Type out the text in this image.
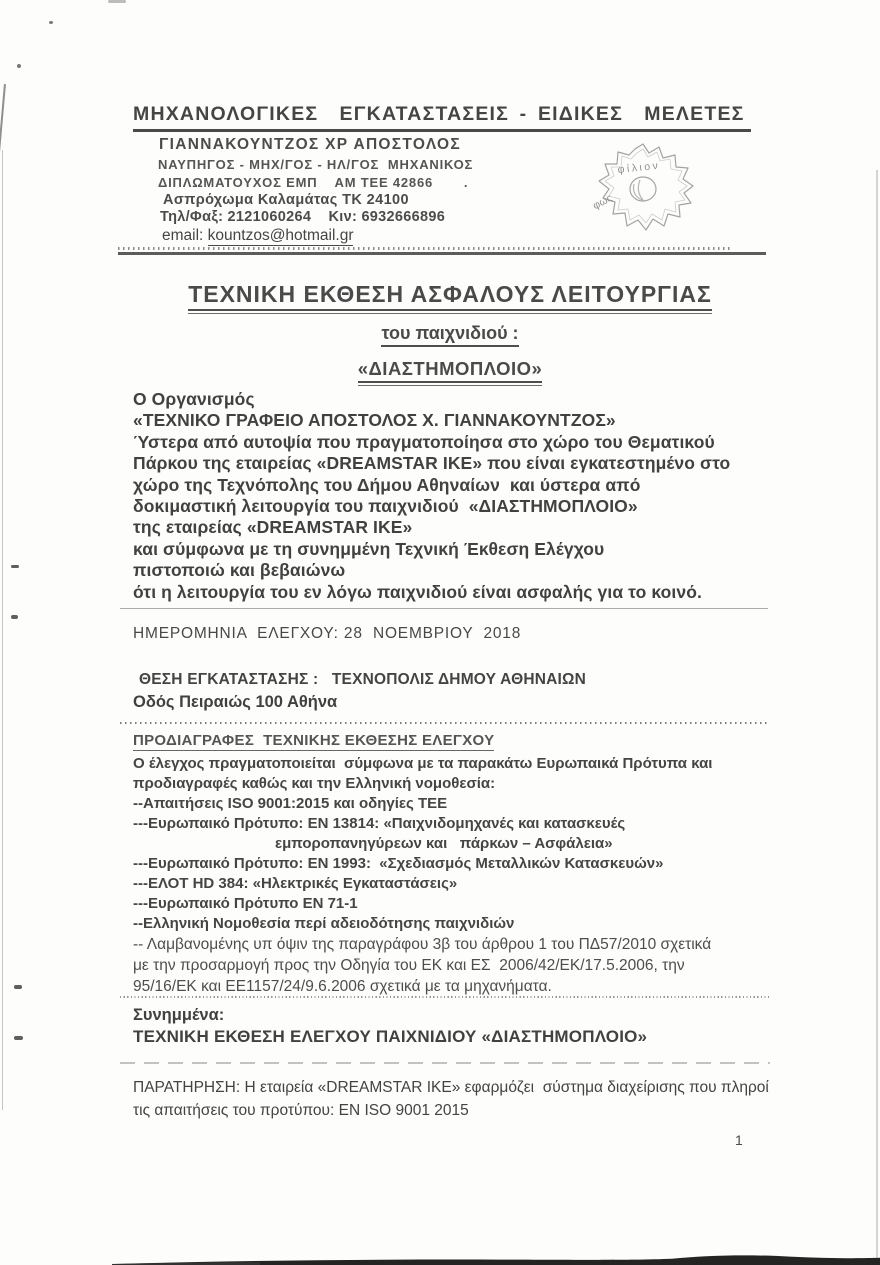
ΜΗΧΑΝΟΛΟΓΙΚΕΣ  ΕΓΚΑΤΑΣΤΑΣΕΙΣ - ΕΙΔΙΚΕΣ  ΜΕΛΕΤΕΣ
ΓΙΑΝΝΑΚΟΥΝΤΖΟΣ ΧΡ ΑΠΟΣΤΟΛΟΣ
ΝΑΥΠΗΓΟΣ - ΜΗΧ/ΓΟΣ - ΗΛ/ΓΟΣ  ΜΗΧΑΝΙΚΟΣ
ΔΙΠΛΩΜΑΤΟΥΧΟΣ ΕΜΠ    ΑΜ ΤΕΕ 42866       .
Ασπρόχωμα Καλαμάτας ΤΚ 24100
Τηλ/Φαξ: 2121060264    Κιν: 6932666896
email: kountzos@hotmail.gr
φίλιον
φως
ΤΕΧΝΙΚΗ ΕΚΘΕΣΗ ΑΣΦΑΛΟΥΣ ΛΕΙΤΟΥΡΓΙΑΣ
του παιχνιδιού :
«ΔΙΑΣΤΗΜΟΠΛΟΙΟ»
Ο Οργανισμός
«ΤΕΧΝΙΚΟ ΓΡΑΦΕΙΟ ΑΠΟΣΤΟΛΟΣ Χ. ΓΙΑΝΝΑΚΟΥΝΤΖΟΣ»
Ύστερα από αυτοψία που πραγματοποίησα στο χώρο του Θεματικού
Πάρκου της εταιρείας «DREAMSTAR ΙΚΕ» που είναι εγκατεστημένο στο
χώρο της Τεχνόπολης του Δήμου Αθηναίων  και ύστερα από
δοκιμαστική λειτουργία του παιχνιδιού  «ΔΙΑΣΤΗΜΟΠΛΟΙΟ»
της εταιρείας «DREAMSTAR ΙΚΕ»
και σύμφωνα με τη συνημμένη Τεχνική Έκθεση Ελέγχου
πιστοποιώ και βεβαιώνω
ότι η λειτουργία του εν λόγω παιχνιδιού είναι ασφαλής για το κοινό.
ΗΜΕΡΟΜΗΝΙΑ  ΕΛΕΓΧΟΥ: 28  ΝΟΕΜΒΡΙΟΥ  2018
ΘΕΣΗ ΕΓΚΑΤΑΣΤΑΣΗΣ :   ΤΕΧΝΟΠΟΛΙΣ ΔΗΜΟΥ ΑΘΗΝΑΙΩΝ
Οδός Πειραιώς 100 Αθήνα
ΠΡΟΔΙΑΓΡΑΦΕΣ  ΤΕΧΝΙΚΗΣ ΕΚΘΕΣΗΣ ΕΛΕΓΧΟΥ
Ο έλεγχος πραγματοποιείται  σύμφωνα με τα παρακάτω Ευρωπαικά Πρότυπα και
προδιαγραφές καθώς και την Ελληνική νομοθεσία:
--Απαιτήσεις ISO 9001:2015 και οδηγίες ΤΕΕ
---Ευρωπαικό Πρότυπο: EN 13814: «Παιχνιδομηχανές και κατασκευές
εμποροπανηγύρεων και   πάρκων – Ασφάλεια»
---Ευρωπαικό Πρότυπο: EN 1993:  «Σχεδιασμός Μεταλλικών Κατασκευών»
---ΕΛΟΤ HD 384: «Ηλεκτρικές Εγκαταστάσεις»
---Ευρωπαικό Πρότυπο EN 71-1
--Ελληνική Νομοθεσία περί αδειοδότησης παιχνιδιών
-- Λαμβανομένης υπ όψιν της παραγράφου 3β του άρθρου 1 του ΠΔ57/2010 σχετικά
με την προσαρμογή προς την Οδηγία του ΕΚ και ΕΣ  2006/42/ΕΚ/17.5.2006, την
95/16/ΕΚ και ΕΕ1157/24/9.6.2006 σχετικά με τα μηχανήματα.
Συνημμένα:
ΤΕΧΝΙΚΗ ΕΚΘΕΣΗ ΕΛΕΓΧΟΥ ΠΑΙΧΝΙΔΙΟΥ «ΔΙΑΣΤΗΜΟΠΛΟΙΟ»
ΠΑΡΑΤΗΡΗΣΗ: Η εταιρεία «DREAMSTAR ΙΚΕ» εφαρμόζει  σύστημα διαχείρισης που πληροί
τις απαιτήσεις του προτύπου: EN ISO 9001 2015
1
